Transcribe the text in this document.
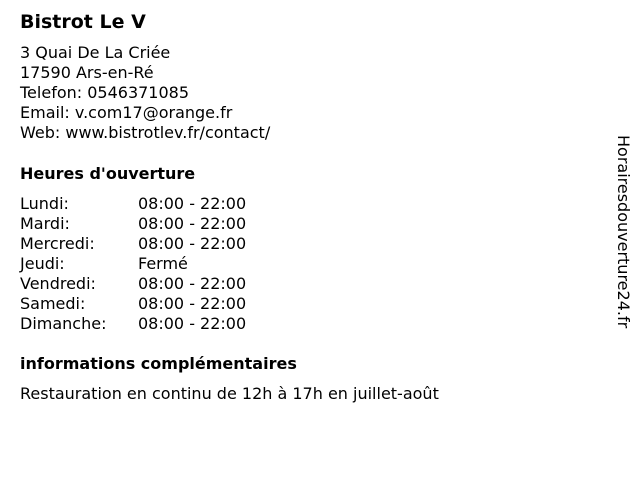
Bistrot Le V
3 Quai De La Criée
17590 Ars-en-Ré
Telefon: 0546371085
Email: v.com17@orange.fr
Web: www.bistrotlev.fr/contact/
Heures d'ouverture
Lundi:	08:00 - 22:00
Mardi:	08:00 - 22:00
Mercredi:	08:00 - 22:00
Jeudi:	Fermé
Vendredi:	08:00 - 22:00
Samedi:	08:00 - 22:00
Dimanche:	08:00 - 22:00
informations complémentaires
Restauration en continu de 12h à 17h en juillet-août
Horairesdouverture24.fr
